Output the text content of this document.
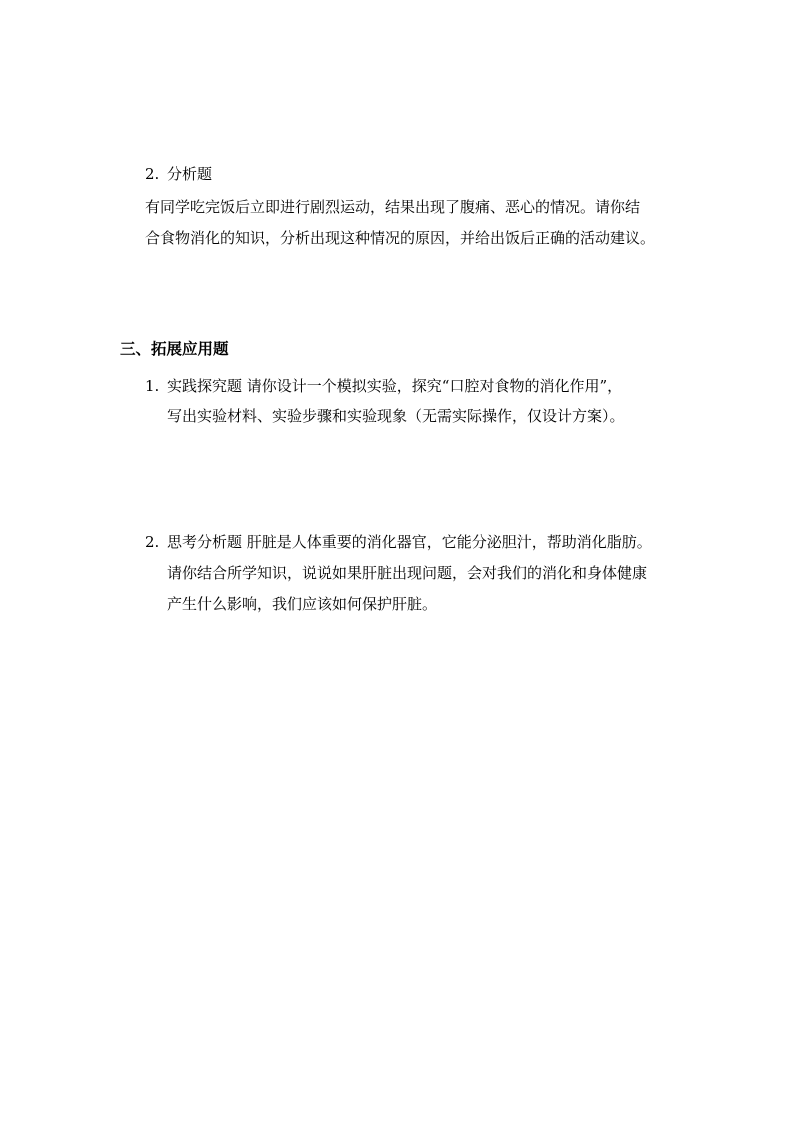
2. 分析题
有同学吃完饭后立即进行剧烈运动，结果出现了腹痛、恶心的情况。请你结
合食物消化的知识，分析出现这种情况的原因，并给出饭后正确的活动建议。
三、拓展应用题
1. 实践探究题 请你设计一个模拟实验，探究“口腔对食物的消化作用”，
写出实验材料、实验步骤和实验现象（无需实际操作，仅设计方案）。
2. 思考分析题 肝脏是人体重要的消化器官，它能分泌胆汁，帮助消化脂肪。
请你结合所学知识，说说如果肝脏出现问题，会对我们的消化和身体健康
产生什么影响，我们应该如何保护肝脏。
